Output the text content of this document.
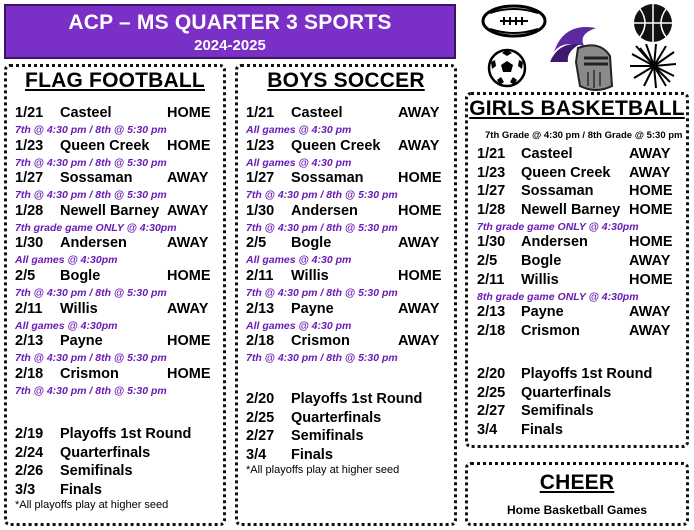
ACP – MS QUARTER 3 SPORTS
2024-2025
FLAG FOOTBALL
1/21 Casteel	HOME
7th @ 4:30 pm / 8th @ 5:30 pm
1/23 Queen Creek HOME
7th @ 4:30 pm / 8th @ 5:30 pm
1/27 Sossaman AWAY
7th @ 4:30 pm / 8th @ 5:30 pm
1/28 Newell Barney AWAY
7th grade game ONLY @ 4:30pm
1/30 Andersen	AWAY
All games @ 4:30pm
2/5 Bogle	HOME
7th @ 4:30 pm / 8th @ 5:30 pm
2/11 Willis	AWAY
All games @ 4:30pm
2/13 Payne	HOME
7th @ 4:30 pm / 8th @ 5:30 pm
2/18 Crismon	HOME
7th @ 4:30 pm / 8th @ 5:30 pm
2/19 Playoffs 1st Round
2/24 Quarterfinals
2/26 Semifinals
3/3 Finals
*All playoffs play at higher seed
BOYS SOCCER
1/21 Casteel	AWAY
All games @ 4:30 pm
1/23 Queen Creek AWAY
All games @ 4:30 pm
1/27 Sossaman HOME
7th @ 4:30 pm / 8th @ 5:30 pm
1/30 Andersen	HOME
7th @ 4:30 pm / 8th @ 5:30 pm
2/5 Bogle	AWAY
All games @ 4:30 pm
2/11 Willis	HOME
7th @ 4:30 pm / 8th @ 5:30 pm
2/13 Payne	AWAY
All games @ 4:30 pm
2/18 Crismon	AWAY
7th @ 4:30 pm / 8th @ 5:30 pm
2/20 Playoffs 1st Round
2/25 Quarterfinals
2/27 Semifinals
3/4 Finals
*All playoffs play at higher seed
GIRLS BASKETBALL
7th Grade @ 4:30 pm / 8th Grade @ 5:30 pm
1/21 Casteel	AWAY
1/23 Queen Creek AWAY
1/27 Sossaman HOME
1/28 Newell Barney HOME
1/30 Andersen	HOME
2/5 Bogle	AWAY
2/11 Willis	HOME
2/13 Payne	AWAY
2/18 Crismon	AWAY
7th grade game ONLY @ 4:30pm
8th grade game ONLY @ 4:30pm
2/20 Playoffs 1st Round
2/25 Quarterfinals
2/27 Semifinals
3/4 Finals
CHEER
Home Basketball Games
